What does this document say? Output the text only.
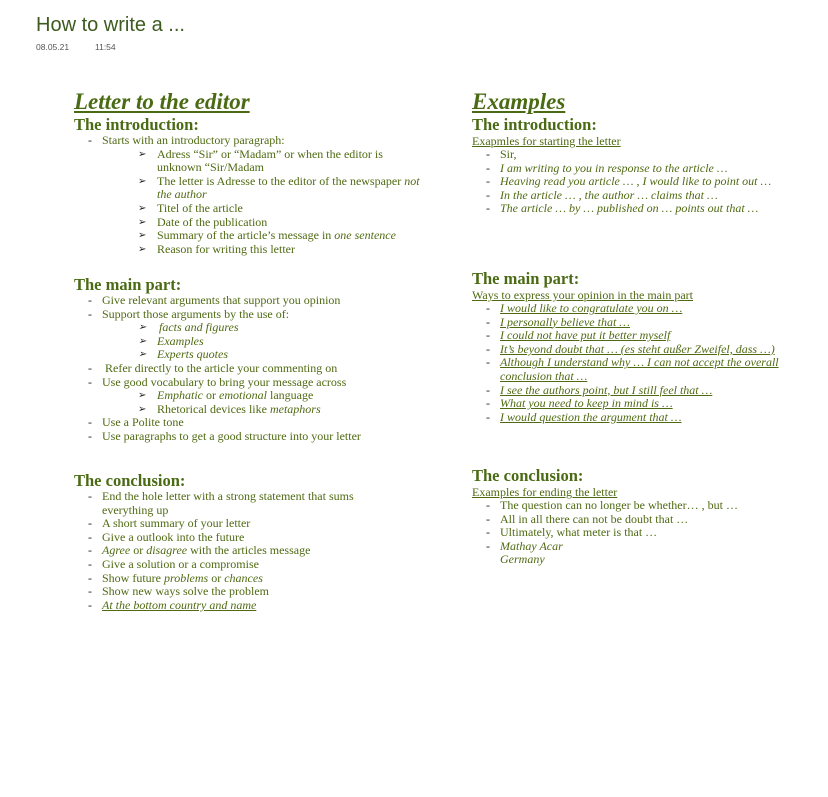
How to write a ...
08.05.21	11:54
Letter to the editor
The introduction:
- Starts with an introductory paragraph:
➢ Adress “Sir” or “Madam” or when the editor is unknown “Sir/Madam
➢ The letter is Adresse to the editor of the newspaper not the author
➢ Titel of the article
➢ Date of the publication
➢ Summary of the article’s message in one sentence
➢ Reason for writing this letter
The main part:
- Give relevant arguments that support you opinion
- Support those arguments by the use of:
➢ facts and figures
➢ Examples
➢ Experts quotes
- Refer directly to the article your commenting on
- Use good vocabulary to bring your message across
➢ Emphatic or emotional language
➢ Rhetorical devices like metaphors
- Use a Polite tone
- Use paragraphs to get a good structure into your letter
The conclusion:
- End the hole letter with a strong statement that sums everything up
- A short summary of your letter
- Give a outlook into the future
- Agree or disagree with the articles message
- Give a solution or a compromise
- Show future problems or chances
- Show new ways solve the problem
- At the bottom country and name
Examples
The introduction:
Exapmles for starting the letter
- Sir,
- I am writing to you in response to the article …
- Heaving read you article … , I would like to point out …
- In the article … , the author … claims that …
- The article … by … published on … points out that …
The main part:
Ways to express your opinion in the main part
- I would like to congratulate you on …
- I personally believe that …
- I could not have put it better myself
- It’s beyond doubt that … (es steht außer Zweifel, dass …)
- Although I understand why … I can not accept the overall conclusion that …
- I see the authors point, but I still feel that …
- What you need to keep in mind is …
- I would question the argument that …
The conclusion:
Examples for ending the letter
- The question can no longer be whether… , but …
- All in all there can not be doubt that …
- Ultimately, what meter is that …
- Mathay Acar
Germany
